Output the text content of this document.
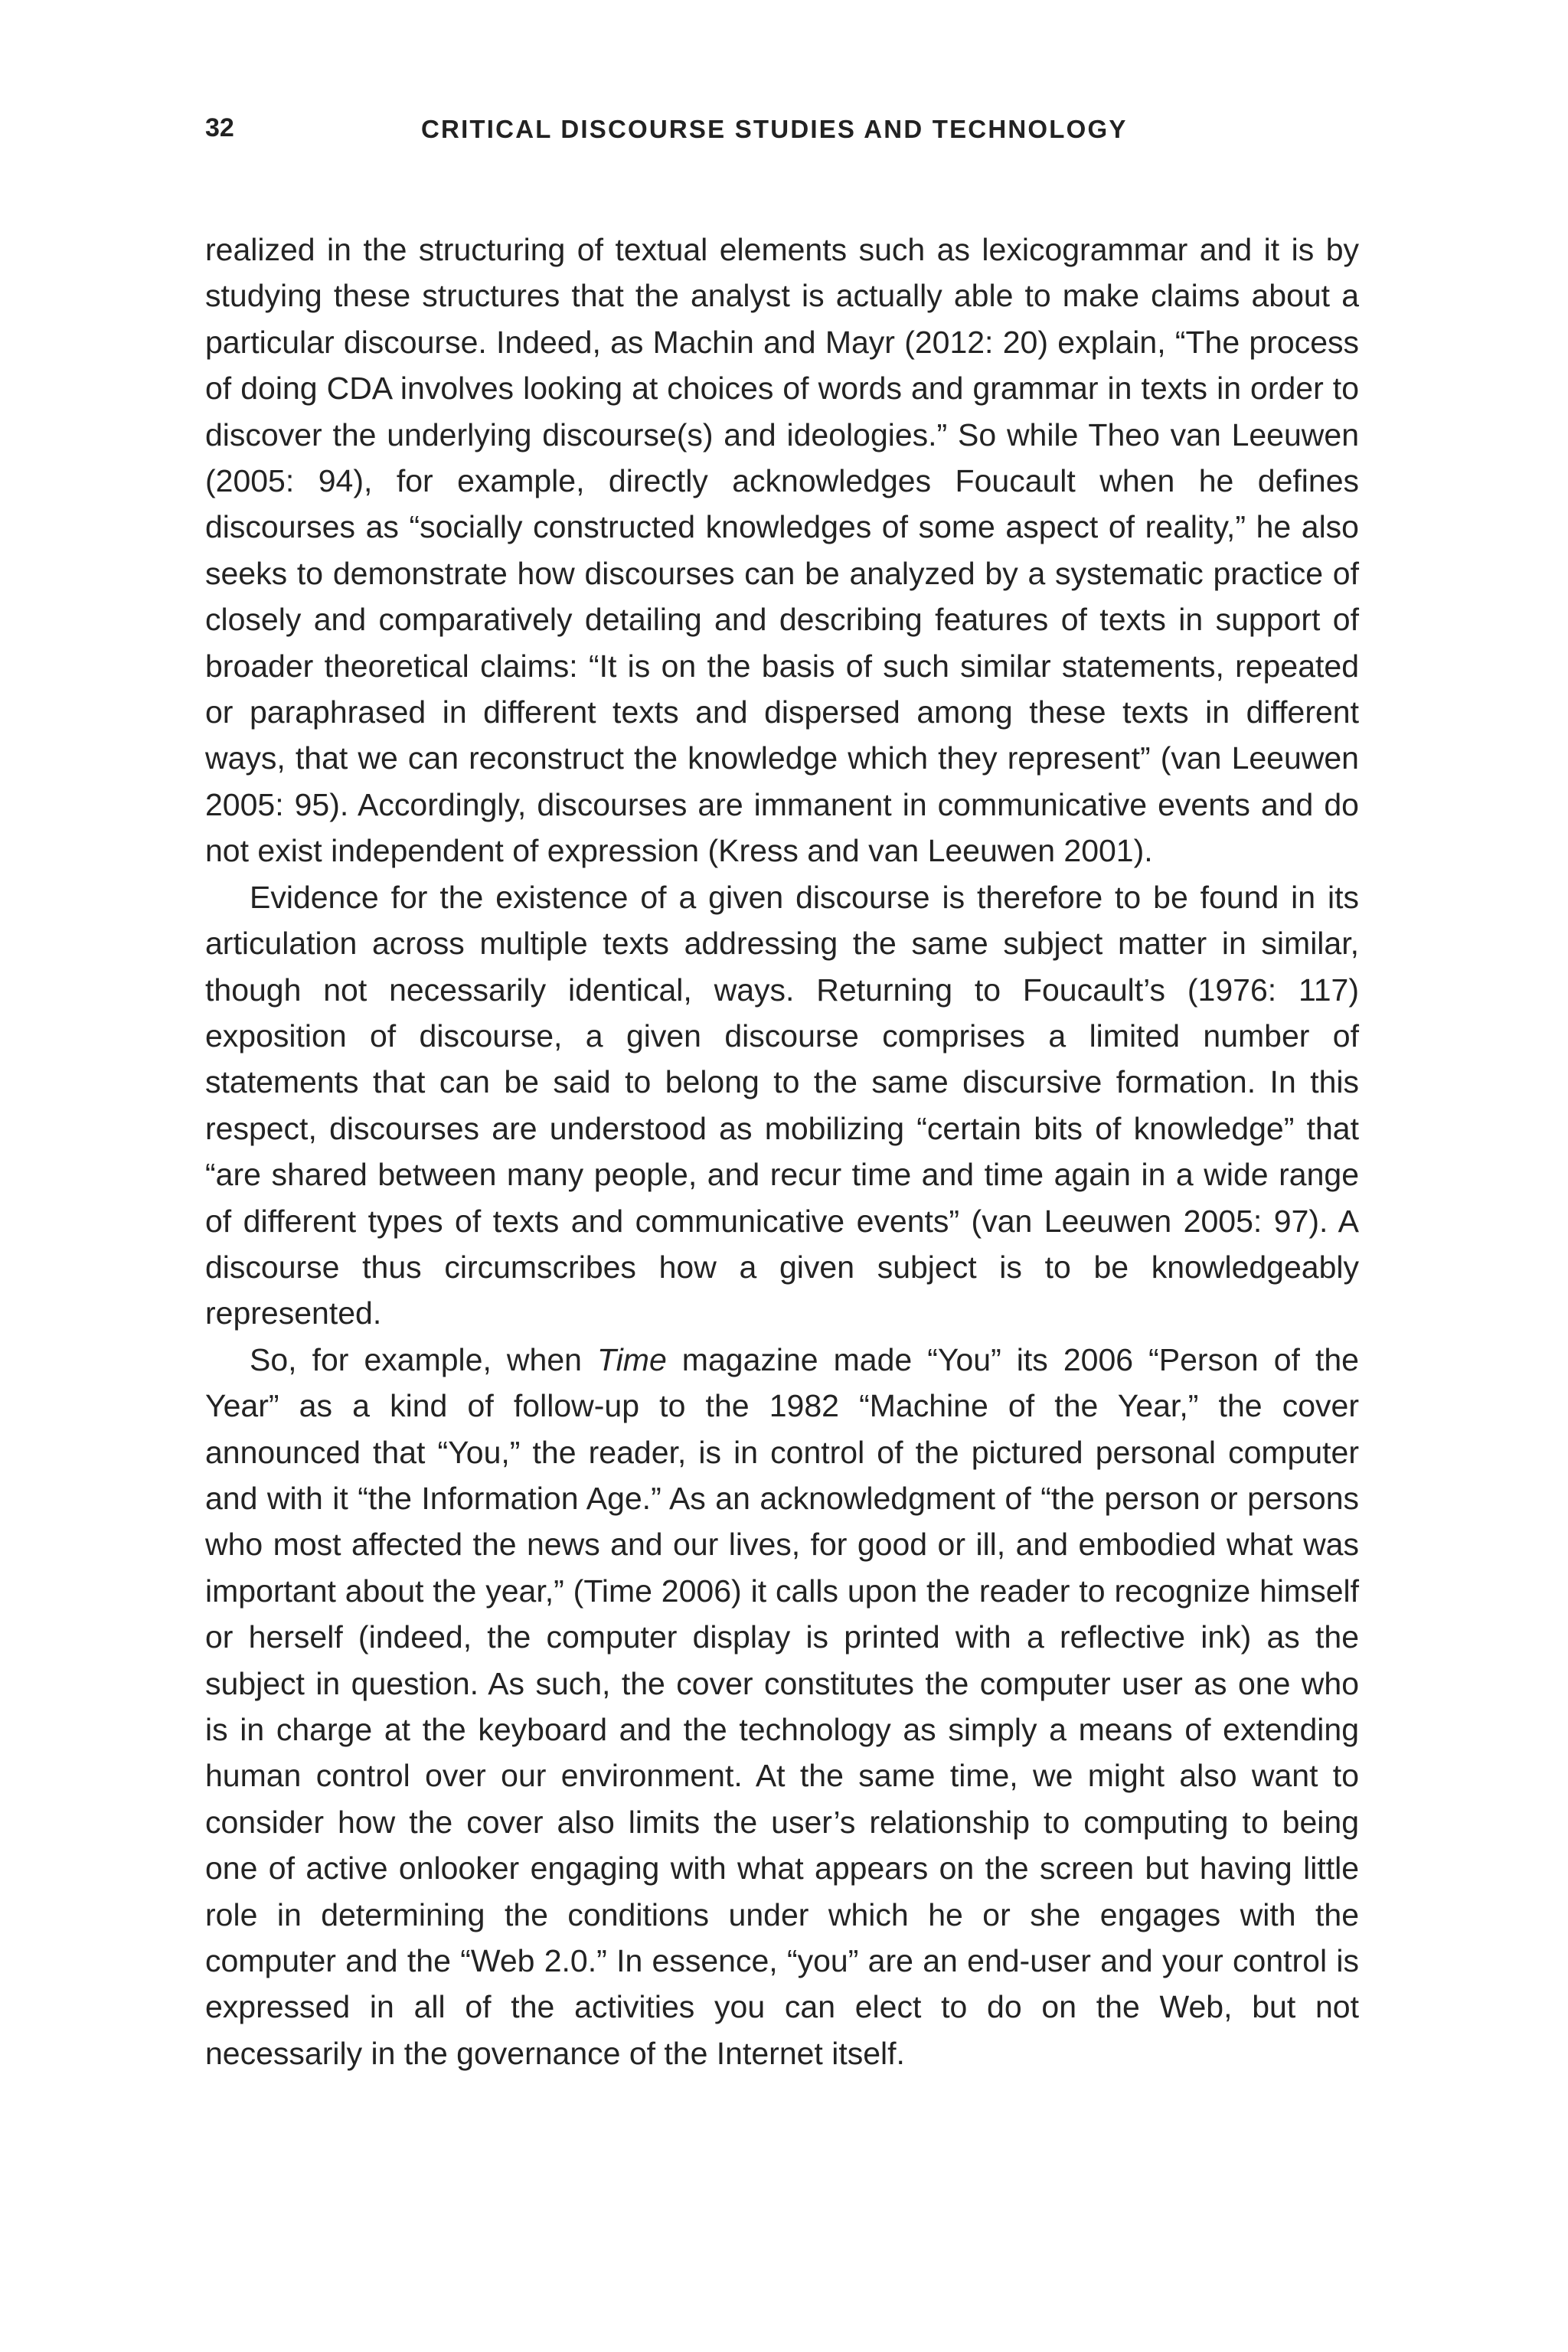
32	CRITICAL DISCOURSE STUDIES AND TECHNOLOGY

realized in the structuring of textual elements such as lexicogrammar and it is by studying these structures that the analyst is actually able to make claims about a particular discourse. Indeed, as Machin and Mayr (2012: 20) explain, “The process of doing CDA involves looking at choices of words and grammar in texts in order to discover the underlying discourse(s) and ideologies.” So while Theo van Leeuwen (2005: 94), for example, directly acknowledges Foucault when he defines discourses as “socially constructed knowledges of some aspect of reality,” he also seeks to demonstrate how discourses can be analyzed by a systematic practice of closely and comparatively detailing and describing features of texts in support of broader theoretical claims: “It is on the basis of such similar statements, repeated or paraphrased in different texts and dispersed among these texts in different ways, that we can reconstruct the knowledge which they represent” (van Leeuwen 2005: 95). Accordingly, discourses are immanent in communicative events and do not exist independent of expression (Kress and van Leeuwen 2001).

Evidence for the existence of a given discourse is therefore to be found in its articulation across multiple texts addressing the same subject matter in similar, though not necessarily identical, ways. Returning to Foucault’s (1976: 117) exposition of discourse, a given discourse comprises a limited number of statements that can be said to belong to the same discursive formation. In this respect, discourses are understood as mobilizing “certain bits of knowledge” that “are shared between many people, and recur time and time again in a wide range of different types of texts and communicative events” (van Leeuwen 2005: 97). A discourse thus circumscribes how a given subject is to be knowledgeably represented.

So, for example, when Time magazine made “You” its 2006 “Person of the Year” as a kind of follow-up to the 1982 “Machine of the Year,” the cover announced that “You,” the reader, is in control of the pictured personal computer and with it “the Information Age.” As an acknowledgment of “the person or persons who most affected the news and our lives, for good or ill, and embodied what was important about the year,” (Time 2006) it calls upon the reader to recognize himself or herself (indeed, the computer display is printed with a reflective ink) as the subject in question. As such, the cover constitutes the computer user as one who is in charge at the keyboard and the technology as simply a means of extending human control over our environment. At the same time, we might also want to consider how the cover also limits the user’s relationship to computing to being one of active onlooker engaging with what appears on the screen but having little role in determining the conditions under which he or she engages with the computer and the “Web 2.0.” In essence, “you” are an end-user and your control is expressed in all of the activities you can elect to do on the Web, but not necessarily in the governance of the Internet itself.
